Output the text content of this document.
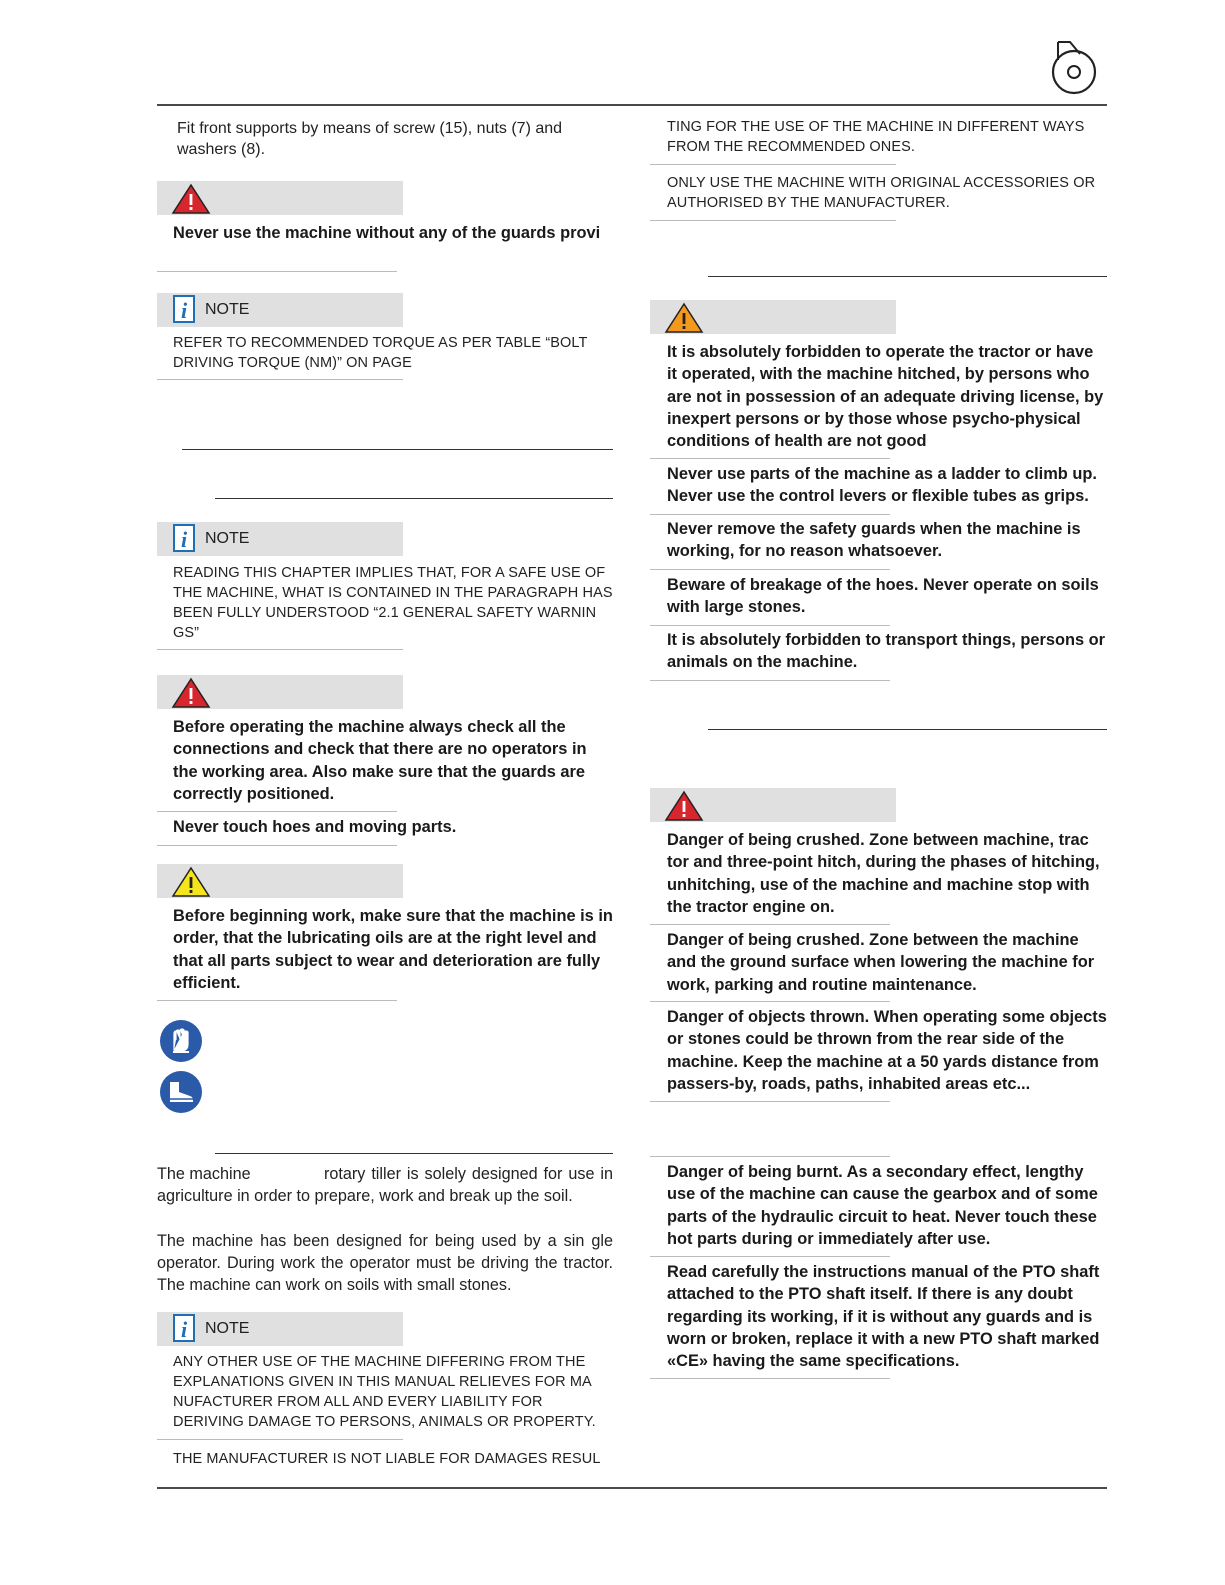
Fit front supports by means of screw (15), nuts (7) and washers (8).
Never use the machine without any of the guards provi
i	NOTE
REFER TO RECOMMENDED TORQUE AS PER TABLE “BOLT DRIVING TORQUE (NM)” ON PAGE
i	NOTE
READING THIS CHAPTER IMPLIES THAT, FOR A SAFE USE OF THE MACHINE, WHAT IS CONTAINED IN THE PARAGRAPH HAS BEEN FULLY UNDERSTOOD “2.1 GENERAL SAFETY WARNIN GS”
Before operating the machine always check all the connections and check that there are no operators in the working area. Also make sure that the guards are correctly positioned.
Never touch hoes and moving parts.
Before beginning work, make sure that the machine is in order, that the lubricating oils are at the right level and that all parts subject to wear and deterioration are fully efficient.
The machine	rotary tiller is solely designed for use in agriculture in order to prepare, work and break up the soil.
The machine has been designed for being used by a sin gle operator. During work the operator must be driving the tractor. The machine can work on soils with small stones.
i	NOTE
ANY OTHER USE OF THE MACHINE DIFFERING FROM THE EXPLANATIONS GIVEN IN THIS MANUAL RELIEVES FOR MA NUFACTURER FROM ALL AND EVERY LIABILITY FOR DERIVING DAMAGE TO PERSONS, ANIMALS OR PROPERTY.
THE MANUFACTURER IS NOT LIABLE FOR DAMAGES RESUL
TING FOR THE USE OF THE MACHINE IN DIFFERENT WAYS FROM THE RECOMMENDED ONES.
ONLY USE THE MACHINE WITH ORIGINAL ACCESSORIES OR AUTHORISED BY THE MANUFACTURER.
It is absolutely forbidden to operate the tractor or have it operated, with the machine hitched, by persons who are not in possession of an adequate driving license, by inexpert persons or by those whose psycho-physical conditions of health are not good
Never use parts of the machine as a ladder to climb up. Never use the control levers or flexible tubes as grips.
Never remove the safety guards when the machine is working, for no reason whatsoever.
Beware of breakage of the hoes. Never operate on soils with large stones.
It is absolutely forbidden to transport things, persons or animals on the machine.
Danger of being crushed. Zone between machine, trac tor and three-point hitch, during the phases of hitching, unhitching, use of the machine and machine stop with the tractor engine on.
Danger of being crushed. Zone between the machine and the ground surface when lowering the machine for work, parking and routine maintenance.
Danger of objects thrown. When operating some objects or stones could be thrown from the rear side of the machine. Keep the machine at a 50 yards distance from passers-by, roads, paths, inhabited areas etc...
Danger of being burnt. As a secondary effect, lengthy use of the machine can cause the gearbox and of some parts of the hydraulic circuit to heat. Never touch these hot parts during or immediately after use.
Read carefully the instructions manual of the PTO shaft attached to the PTO shaft itself. If there is any doubt regarding its working, if it is without any guards and is worn or broken, replace it with a new PTO shaft marked «CE» having the same specifications.
